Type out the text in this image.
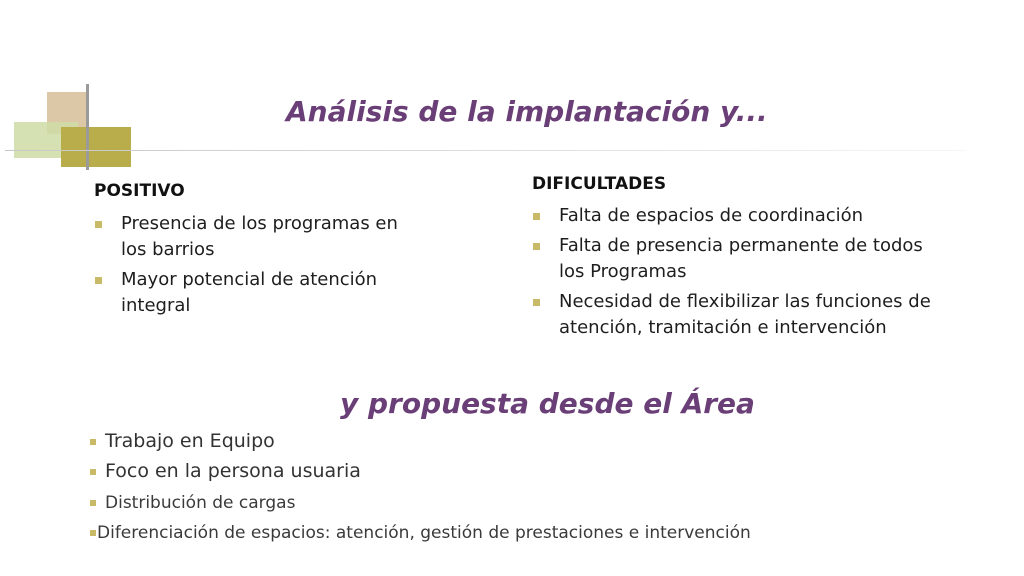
Análisis de la implantación y...
POSITIVO
Presencia de los programas en los barrios
Mayor potencial de atención integral
DIFICULTADES
Falta de espacios de coordinación
Falta de presencia permanente de todos los Programas
Necesidad de flexibilizar las funciones de atención, tramitación e intervención
y propuesta desde el Área
Trabajo en Equipo
Foco en la persona usuaria
Distribución de cargas
Diferenciación de espacios: atención, gestión de prestaciones e intervención
